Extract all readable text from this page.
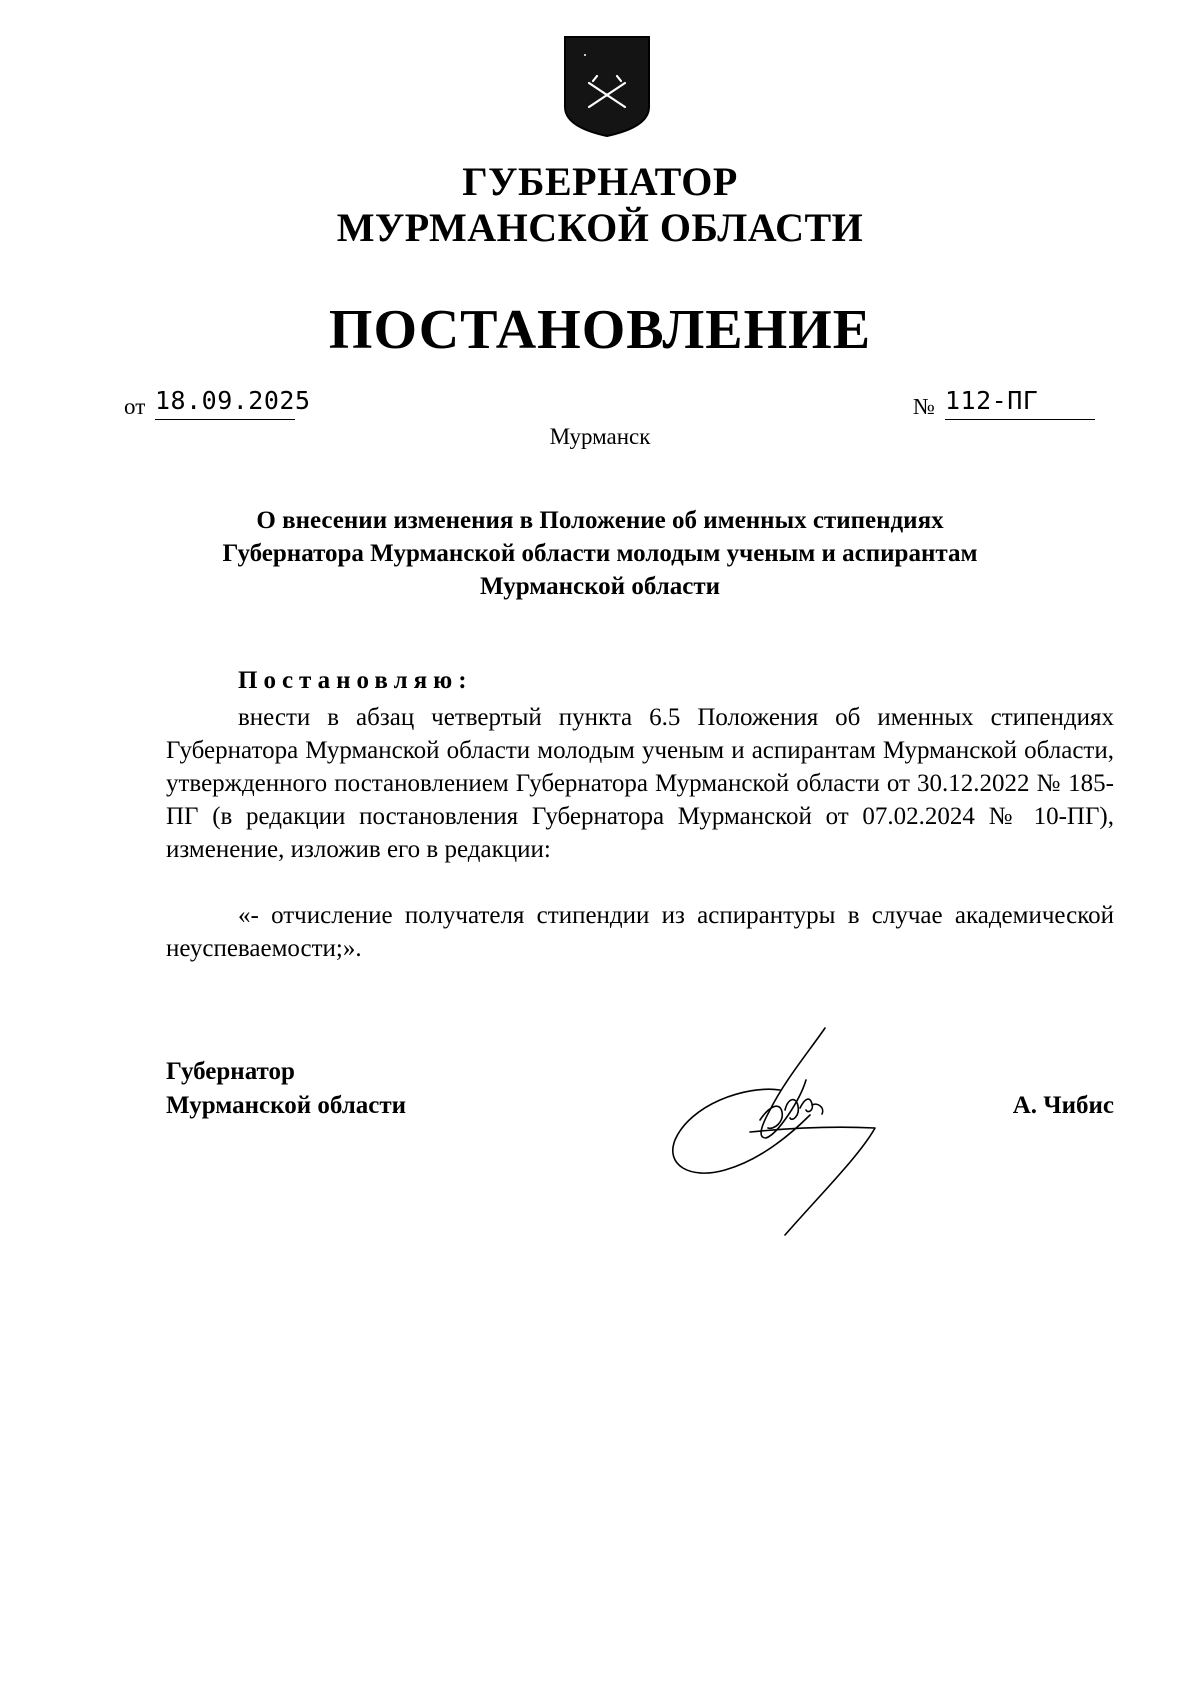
ГУБЕРНАТОР
МУРМАНСКОЙ ОБЛАСТИ
ПОСТАНОВЛЕНИЕ
от 18.09.2025	№ 112-ПГ
Мурманск
О внесении изменения в Положение об именных стипендиях
Губернатора Мурманской области молодым ученым и аспирантам
Мурманской области
Постановляю:
внести в абзац четвертый пункта 6.5 Положения об именных стипендиях Губернатора Мурманской области молодым ученым и аспирантам Мурманской области, утвержденного постановлением Губернатора Мурманской области от 30.12.2022 № 185-ПГ (в редакции постановления Губернатора Мурманской от 07.02.2024 № 10-ПГ), изменение, изложив его в редакции:
«- отчисление получателя стипендии из аспирантуры в случае академической неуспеваемости;».
Губернатор
Мурманской области	А. Чибис
